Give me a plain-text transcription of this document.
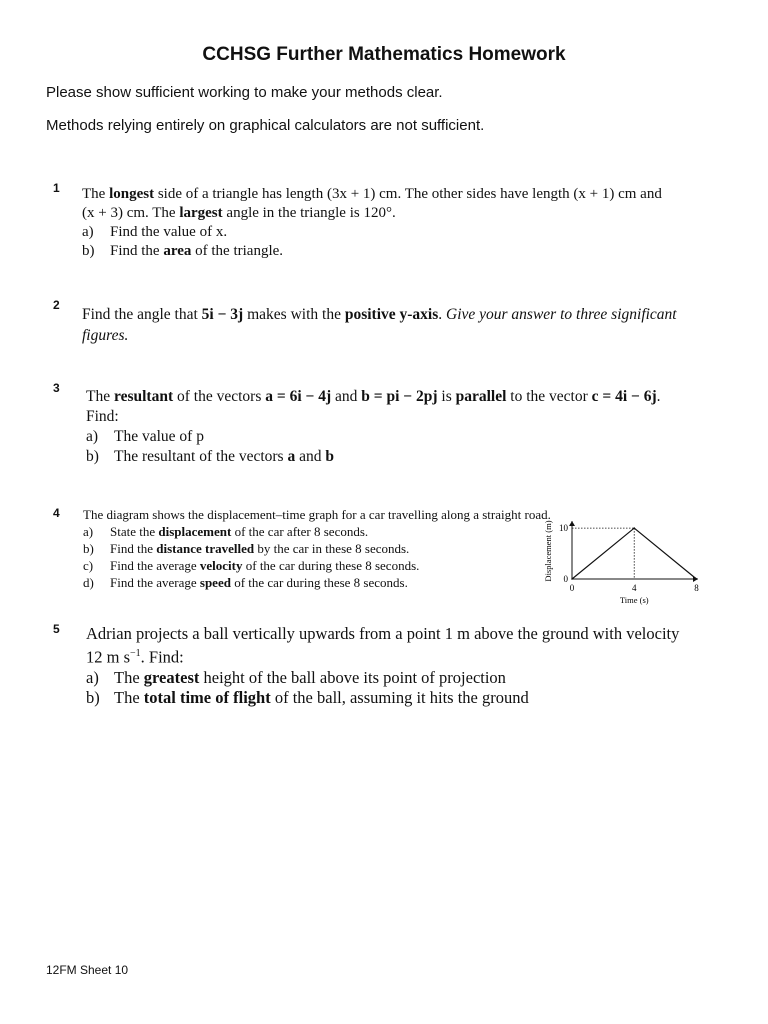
CCHSG Further Mathematics Homework
Please show sufficient working to make your methods clear.
Methods relying entirely on graphical calculators are not sufficient.
1 The longest side of a triangle has length (3x + 1) cm. The other sides have length (x + 1) cm and

(x + 3) cm. The largest angle in the triangle is 120°.

a)	Find the value of x.
b)	Find the area of the triangle.
2

Find the angle that 5i − 3j makes with the positive y-axis. Give your answer to three significant

figures.

3 The resultant of the vectors a = 6i − 4j and b = pi − 2pj is parallel to the vector c = 4i − 6j.

Find:

a)	The value of p
b) The resultant of the vectors a and b
4 The diagram shows the displacement–time graph for a car travelling along a straight road.

a)	State the displacement of the car after 8 seconds.
b)	Find the distance travelled by the car in these 8 seconds.
c)	Find the average velocity of the car during these 8 seconds.
d)	Find the average speed of the car during these 8 seconds.	0	4	8
0
10
Time (s)
Displacement (m)
5 Adrian projects a ball vertically upwards from a point 1 m above the ground with velocity

12 m $s^{-1}$. Find:

a) The greatest height of the ball above its point of projection
b) The total time of flight of the ball, assuming it hits the ground
12FM Sheet 10
